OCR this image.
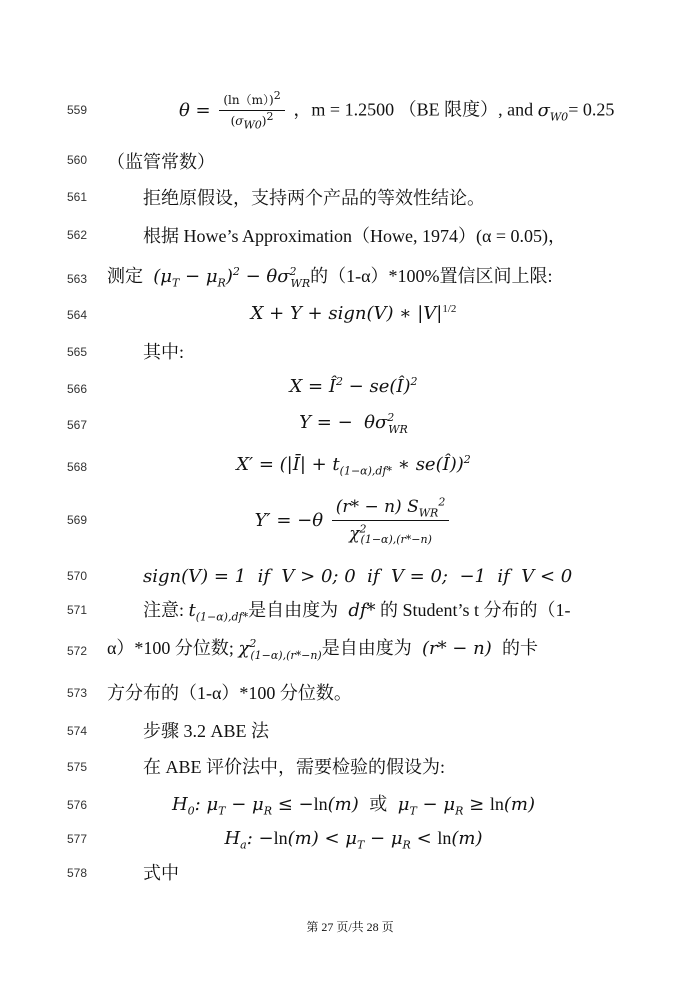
559
560
561
562
563
564
565
566
567
568
569
570
571
572
573
574
575
576
577
578
$\theta = \frac{(\ln(m))^2}{(\sigma_{W0})^2}$ ，m = 1.2500 （BE 限度）, and $\sigma_{W0}= 0.25$
（监管常数）
拒绝原假设，支持两个产品的等效性结论。
根据 Howe’s Approximation（Howe, 1974）(α = 0.05)，
测定  $(\mu_T - \mu_R)^2 - \theta\sigma^2_{WR}$的（1-α）*100%置信区间上限:
X + Y + sign(V) ∗ $|V|^{1/2}$
其中:
$X = Î^2$ − se(Î)$^2$
Y = −  $\theta\sigma^2_{WR}$
X′ = (|Ī| + $t_{(1-\alpha),df*}$ ∗ se(Î))$^2$
$Y' = -\theta \frac{(r* - n) S_{WR}^2}{\chi^2_{(1-\alpha),(r*-n)}}$
sign(V) = 1  if  V > 0; 0  if  V = 0;  −1  if  V < 0
注意: $t_{(1-\alpha),df*}$是自由度为  df* 的 Student’s t 分布的（1-
α）*100 分位数; $\chi^2_{(1-\alpha),(r*-n)}$是自由度为  (r* − n)  的卡
方分布的（1-α）*100 分位数。
步骤 3.2 ABE 法
在 ABE 评价法中，需要检验的假设为:
$H_0$: $\mu_T - \mu_R \le -\ln(m)$ 或 $\mu_T - \mu_R \ge \ln(m)$
$H_a$: $-\ln(m) < \mu_T - \mu_R < \ln(m)$
式中
第 27 页/共 28 页
